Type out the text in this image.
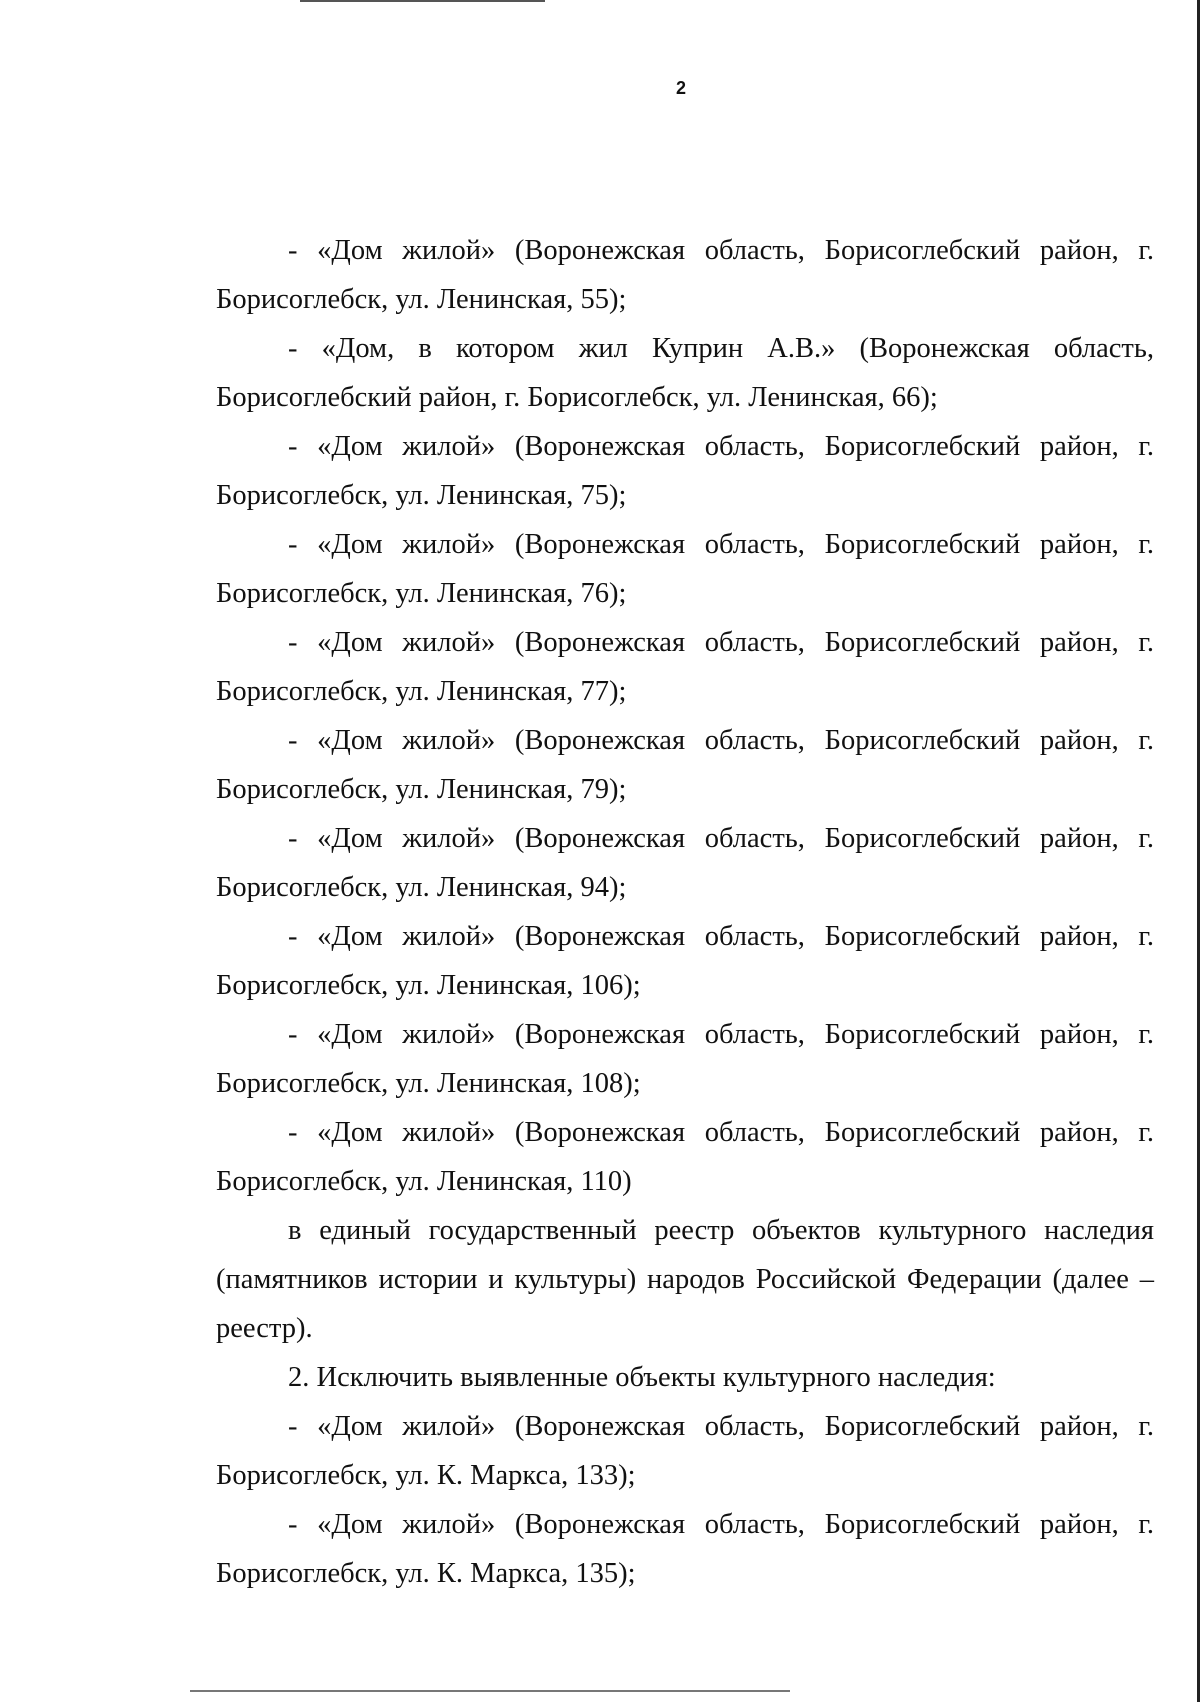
2

- «Дом жилой» (Воронежская область, Борисоглебский район, г. Борисоглебск, ул. Ленинская, 55);

- «Дом, в котором жил Куприн А.В.» (Воронежская область, Борисоглебский район, г. Борисоглебск, ул. Ленинская, 66);

- «Дом жилой» (Воронежская область, Борисоглебский район, г. Борисоглебск, ул. Ленинская, 75);

- «Дом жилой» (Воронежская область, Борисоглебский район, г. Борисоглебск, ул. Ленинская, 76);

- «Дом жилой» (Воронежская область, Борисоглебский район, г. Борисоглебск, ул. Ленинская, 77);

- «Дом жилой» (Воронежская область, Борисоглебский район, г. Борисоглебск, ул. Ленинская, 79);

- «Дом жилой» (Воронежская область, Борисоглебский район, г. Борисоглебск, ул. Ленинская, 94);

- «Дом жилой» (Воронежская область, Борисоглебский район, г. Борисоглебск, ул. Ленинская, 106);

- «Дом жилой» (Воронежская область, Борисоглебский район, г. Борисоглебск, ул. Ленинская, 108);

- «Дом жилой» (Воронежская область, Борисоглебский район, г. Борисоглебск, ул. Ленинская, 110)

в единый государственный реестр объектов культурного наследия (памятников истории и культуры) народов Российской Федерации (далее – реестр).

2. Исключить выявленные объекты культурного наследия:

- «Дом жилой» (Воронежская область, Борисоглебский район, г. Борисоглебск, ул. К. Маркса, 133);

- «Дом жилой» (Воронежская область, Борисоглебский район, г. Борисоглебск, ул. К. Маркса, 135);
